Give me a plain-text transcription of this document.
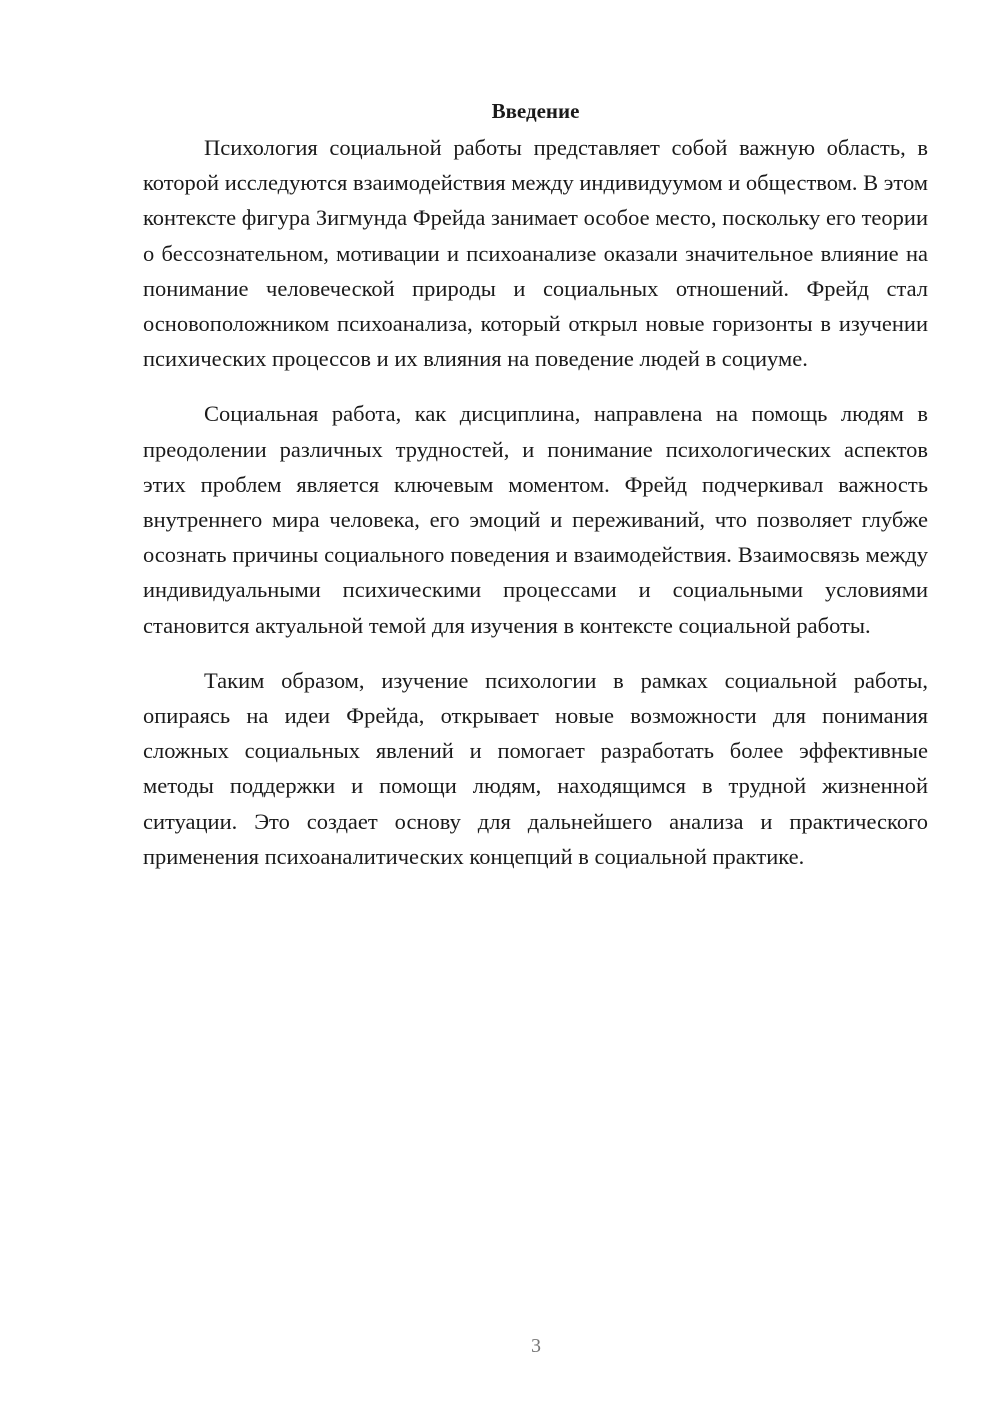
Введение

Психология социальной работы представляет собой важную область, в которой исследуются взаимодействия между индивидуумом и обществом. В этом контексте фигура Зигмунда Фрейда занимает особое место, поскольку его теории о бессознательном, мотивации и психоанализе оказали значительное влияние на понимание человеческой природы и социальных отношений. Фрейд стал основоположником психоанализа, который открыл новые горизонты в изучении психических процессов и их влияния на поведение людей в социуме.

Социальная работа, как дисциплина, направлена на помощь людям в преодолении различных трудностей, и понимание психологических аспектов этих проблем является ключевым моментом. Фрейд подчеркивал важность внутреннего мира человека, его эмоций и переживаний, что позволяет глубже осознать причины социального поведения и взаимодействия. Взаимосвязь между индивидуальными психическими процессами и социальными условиями становится актуальной темой для изучения в контексте социальной работы.

Таким образом, изучение психологии в рамках социальной работы, опираясь на идеи Фрейда, открывает новые возможности для понимания сложных социальных явлений и помогает разработать более эффективные методы поддержки и помощи людям, находящимся в трудной жизненной ситуации. Это создает основу для дальнейшего анализа и практического применения психоаналитических концепций в социальной практике.

3
